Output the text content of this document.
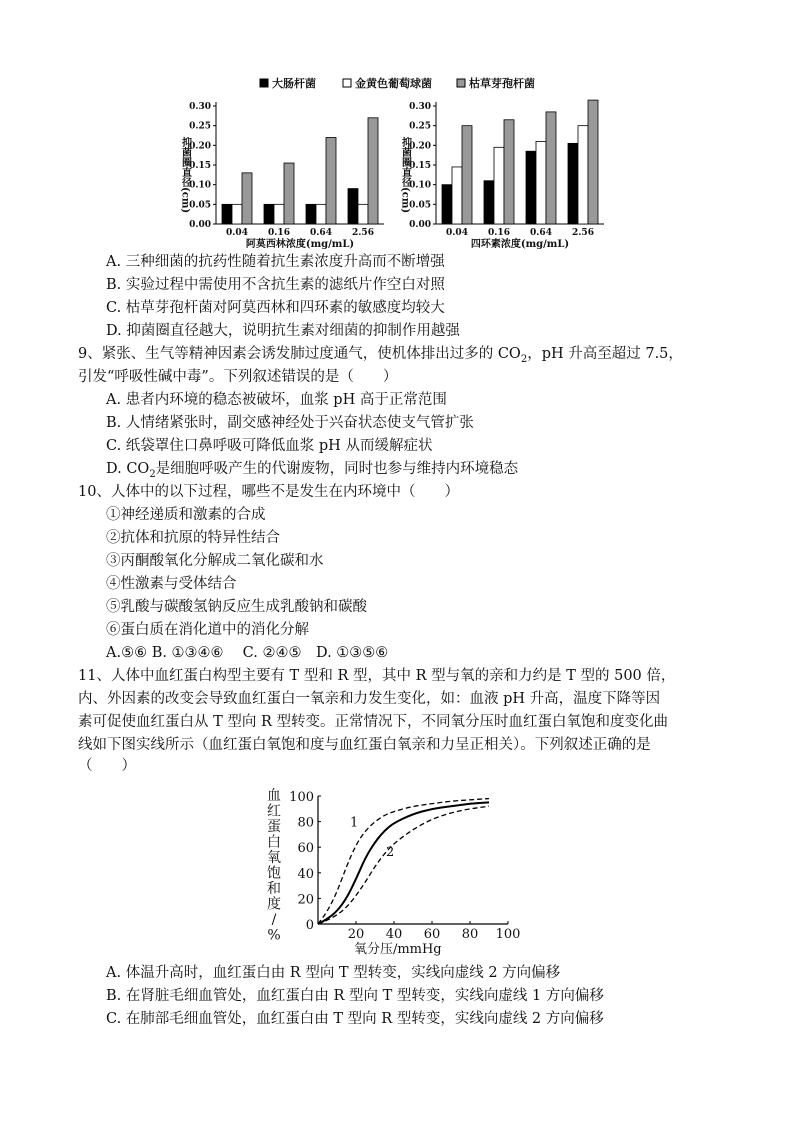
大肠杆菌	金黄色葡萄球菌	枯草芽孢杆菌
抑菌圈直径(cm)
0.00
0.05
0.10
0.15
0.20
0.25
0.30
0.04 0.16 0.64 2.56
阿莫西林浓度(mg/mL)
抑菌圈直径(cm)
0.00
0.05
0.10
0.15
0.20
0.25
0.30
0.04 0.16 0.64 2.56
四环素浓度(mg/mL)
A. 三种细菌的抗药性随着抗生素浓度升高而不断增强
B. 实验过程中需使用不含抗生素的滤纸片作空白对照
C. 枯草芽孢杆菌对阿莫西林和四环素的敏感度均较大
D. 抑菌圈直径越大，说明抗生素对细菌的抑制作用越强
9、紧张、生气等精神因素会诱发肺过度通气，使机体排出过多的 $CO_2$，pH 升高至超过 7.5，
引发“呼吸性碱中毒”。下列叙述错误的是（　　）
A. 患者内环境的稳态被破坏，血浆 pH 高于正常范围
B. 人情绪紧张时，副交感神经处于兴奋状态使支气管扩张
C. 纸袋罩住口鼻呼吸可降低血浆 pH 从而缓解症状
D. $CO_2$是细胞呼吸产生的代谢废物，同时也参与维持内环境稳态
10、人体中的以下过程，哪些不是发生在内环境中（　　）
①神经递质和激素的合成
②抗体和抗原的特异性结合
③丙酮酸氧化分解成二氧化碳和水
④性激素与受体结合
⑤乳酸与碳酸氢钠反应生成乳酸钠和碳酸
⑥蛋白质在消化道中的消化分解
A.⑤⑥ B. ①③④⑥　 C. ②④⑤　D. ①③⑤⑥
11、人体中血红蛋白构型主要有 T 型和 R 型，其中 R 型与氧的亲和力约是 T 型的 500 倍，
内、外因素的改变会导致血红蛋白一氧亲和力发生变化，如：血液 pH 升高，温度下降等因
素可促使血红蛋白从 T 型向 R 型转变。正常情况下，不同氧分压时血红蛋白氧饱和度变化曲
线如下图实线所示（血红蛋白氧饱和度与血红蛋白氧亲和力呈正相关）。下列叙述正确的是
（　　）
血
红
蛋
白
氧
饱
和
度
/
%
0
20
40
60
80
100
20 40 60 80 100
氧分压/mmHg
1
2
A. 体温升高时，血红蛋白由 R 型向 T 型转变，实线向虚线 2 方向偏移
B. 在肾脏毛细血管处，血红蛋白由 R 型向 T 型转变，实线向虚线 1 方向偏移
C. 在肺部毛细血管处，血红蛋白由 T 型向 R 型转变，实线向虚线 2 方向偏移
